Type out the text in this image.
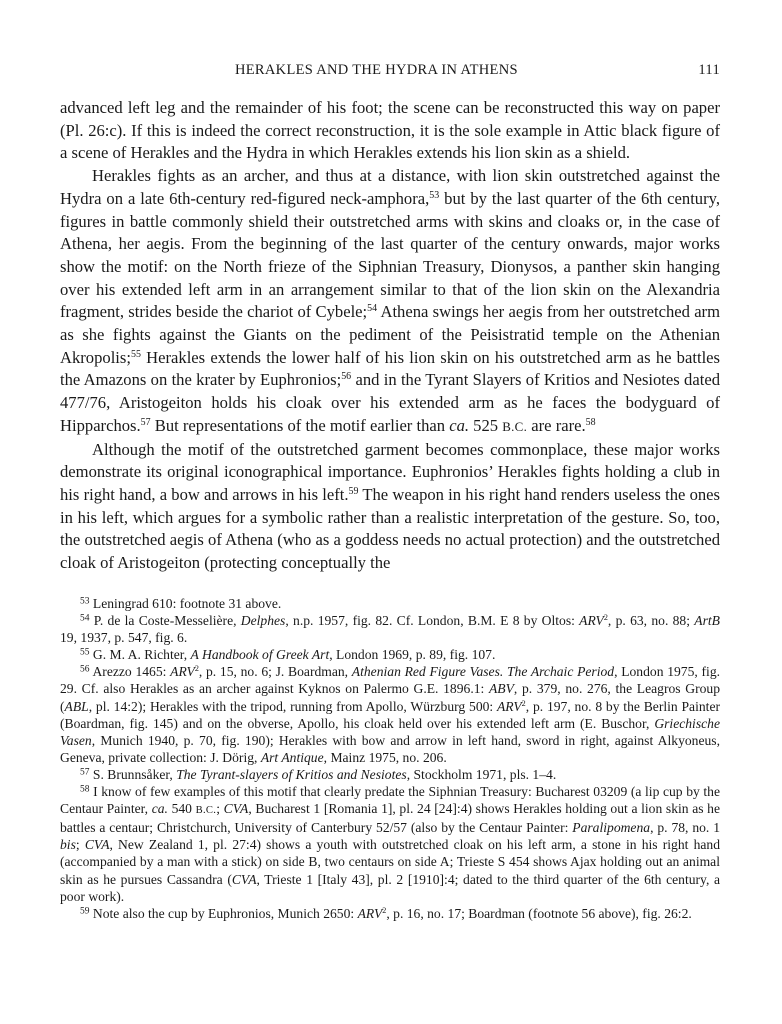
HERAKLES AND THE HYDRA IN ATHENS	111

advanced left leg and the remainder of his foot; the scene can be reconstructed this way on paper (Pl. 26:c). If this is indeed the correct reconstruction, it is the sole example in Attic black figure of a scene of Herakles and the Hydra in which Herakles extends his lion skin as a shield.

Herakles fights as an archer, and thus at a distance, with lion skin outstretched against the Hydra on a late 6th-century red-figured neck-amphora,$^{53}$ but by the last quarter of the 6th century, figures in battle commonly shield their outstretched arms with skins and cloaks or, in the case of Athena, her aegis. From the beginning of the last quarter of the century onwards, major works show the motif: on the North frieze of the Siphnian Treasury, Dionysos, a panther skin hanging over his extended left arm in an arrangement similar to that of the lion skin on the Alexandria fragment, strides beside the chariot of Cybele;$^{54}$ Athena swings her aegis from her outstretched arm as she fights against the Giants on the pediment of the Peisistratid temple on the Athenian Akropolis;$^{55}$ Herakles extends the lower half of his lion skin on his outstretched arm as he battles the Amazons on the krater by Euphronios;$^{56}$ and in the Tyrant Slayers of Kritios and Nesiotes dated 477/76, Aristogeiton holds his cloak over his extended arm as he faces the bodyguard of Hipparchos.$^{57}$ But representations of the motif earlier than ca. 525 B.C. are rare.$^{58}$

Although the motif of the outstretched garment becomes commonplace, these major works demonstrate its original iconographical importance. Euphronios’ Herakles fights holding a club in his right hand, a bow and arrows in his left.$^{59}$ The weapon in his right hand renders useless the ones in his left, which argues for a symbolic rather than a realistic interpretation of the gesture. So, too, the outstretched aegis of Athena (who as a goddess needs no actual protection) and the outstretched cloak of Aristogeiton (protecting conceptually the

$^{53}$ Leningrad 610: footnote 31 above.

$^{54}$ P. de la Coste-Messelière, Delphes, n.p. 1957, fig. 82. Cf. London, B.M. E 8 by Oltos: ARV$^2$, p. 63, no. 88; ArtB 19, 1937, p. 547, fig. 6.

$^{55}$ G. M. A. Richter, A Handbook of Greek Art, London 1969, p. 89, fig. 107.

$^{56}$ Arezzo 1465: ARV$^2$, p. 15, no. 6; J. Boardman, Athenian Red Figure Vases. The Archaic Period, London 1975, fig. 29. Cf. also Herakles as an archer against Kyknos on Palermo G.E. 1896.1: ABV, p. 379, no. 276, the Leagros Group (ABL, pl. 14:2); Herakles with the tripod, running from Apollo, Würzburg 500: ARV$^2$, p. 197, no. 8 by the Berlin Painter (Boardman, fig. 145) and on the obverse, Apollo, his cloak held over his extended left arm (E. Buschor, Griechische Vasen, Munich 1940, p. 70, fig. 190); Herakles with bow and arrow in left hand, sword in right, against Alkyoneus, Geneva, private collection: J. Dörig, Art Antique, Mainz 1975, no. 206.

$^{57}$ S. Brunnsåker, The Tyrant-slayers of Kritios and Nesiotes, Stockholm 1971, pls. 1–4.

$^{58}$ I know of few examples of this motif that clearly predate the Siphnian Treasury: Bucharest 03209 (a lip cup by the Centaur Painter, ca. 540 B.C.; CVA, Bucharest 1 [Romania 1], pl. 24 [24]:4) shows Herakles holding out a lion skin as he battles a centaur; Christchurch, University of Canterbury 52/57 (also by the Centaur Painter: Paralipomena, p. 78, no. 1 bis; CVA, New Zealand 1, pl. 27:4) shows a youth with outstretched cloak on his left arm, a stone in his right hand (accompanied by a man with a stick) on side B, two centaurs on side A; Trieste S 454 shows Ajax holding out an animal skin as he pursues Cassandra (CVA, Trieste 1 [Italy 43], pl. 2 [1910]:4; dated to the third quarter of the 6th century, a poor work).

$^{59}$ Note also the cup by Euphronios, Munich 2650: ARV$^2$, p. 16, no. 17; Boardman (footnote 56 above), fig. 26:2.
